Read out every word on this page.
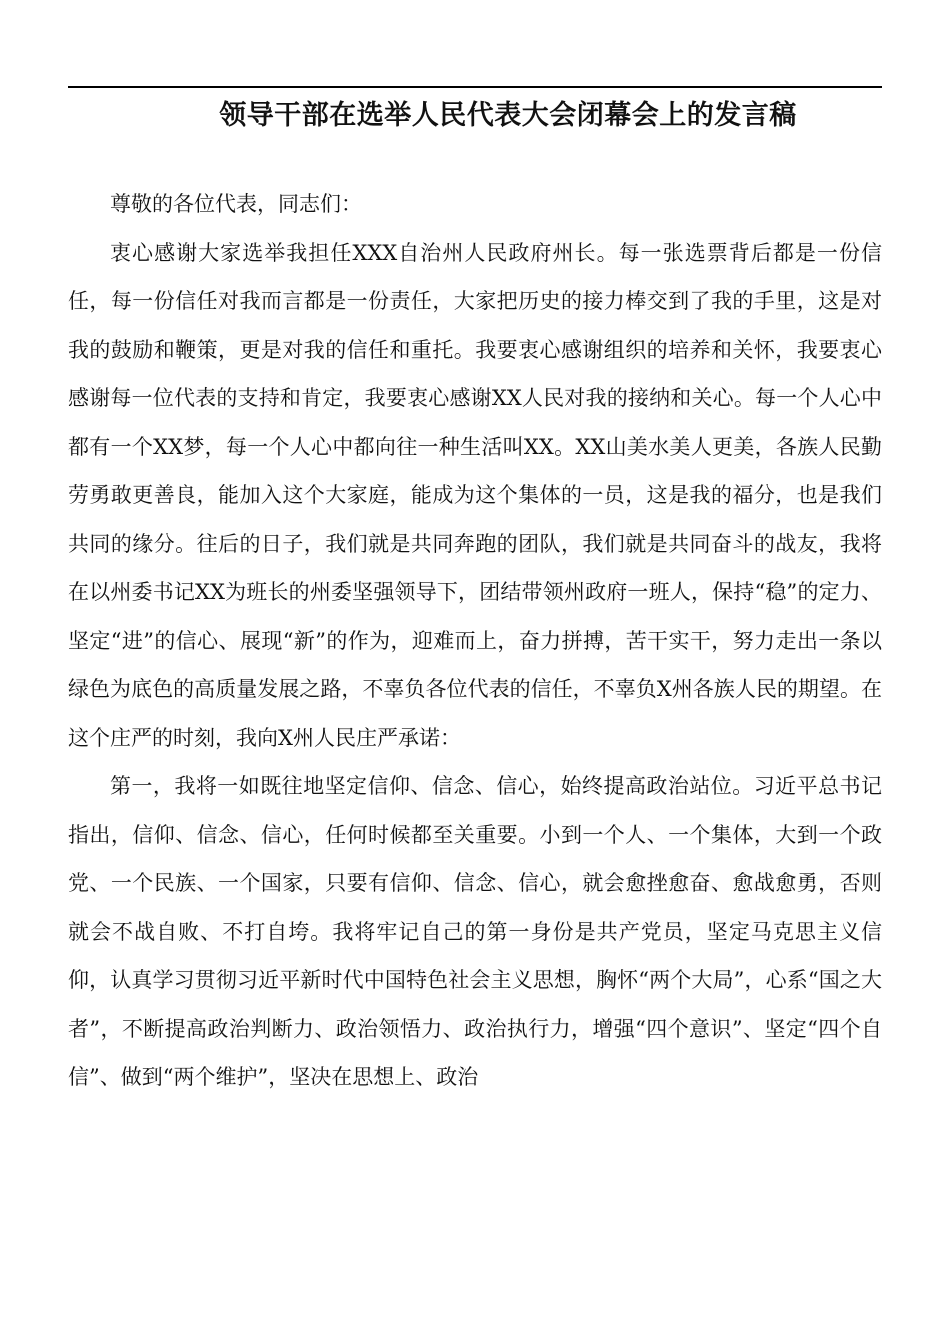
领导干部在选举人民代表大会闭幕会上的发言稿

尊敬的各位代表，同志们：

衷心感谢大家选举我担任XXX自治州人民政府州长。每一张选票背后都是一份信任，每一份信任对我而言都是一份责任，大家把历史的接力棒交到了我的手里，这是对我的鼓励和鞭策，更是对我的信任和重托。我要衷心感谢组织的培养和关怀，我要衷心感谢每一位代表的支持和肯定，我要衷心感谢XX人民对我的接纳和关心。每一个人心中都有一个XX梦，每一个人心中都向往一种生活叫XX。XX山美水美人更美，各族人民勤劳勇敢更善良，能加入这个大家庭，能成为这个集体的一员，这是我的福分，也是我们共同的缘分。往后的日子，我们就是共同奔跑的团队，我们就是共同奋斗的战友，我将在以州委书记XX为班长的州委坚强领导下，团结带领州政府一班人，保持“稳”的定力、坚定“进”的信心、展现“新”的作为，迎难而上，奋力拼搏，苦干实干，努力走出一条以绿色为底色的高质量发展之路，不辜负各位代表的信任，不辜负X州各族人民的期望。在这个庄严的时刻，我向X州人民庄严承诺：

第一，我将一如既往地坚定信仰、信念、信心，始终提高政治站位。习近平总书记指出，信仰、信念、信心，任何时候都至关重要。小到一个人、一个集体，大到一个政党、一个民族、一个国家，只要有信仰、信念、信心，就会愈挫愈奋、愈战愈勇，否则就会不战自败、不打自垮。我将牢记自己的第一身份是共产党员，坚定马克思主义信仰，认真学习贯彻习近平新时代中国特色社会主义思想，胸怀“两个大局”，心系“国之大者”，不断提高政治判断力、政治领悟力、政治执行力，增强“四个意识”、坚定“四个自信”、做到“两个维护”，坚决在思想上、政治
